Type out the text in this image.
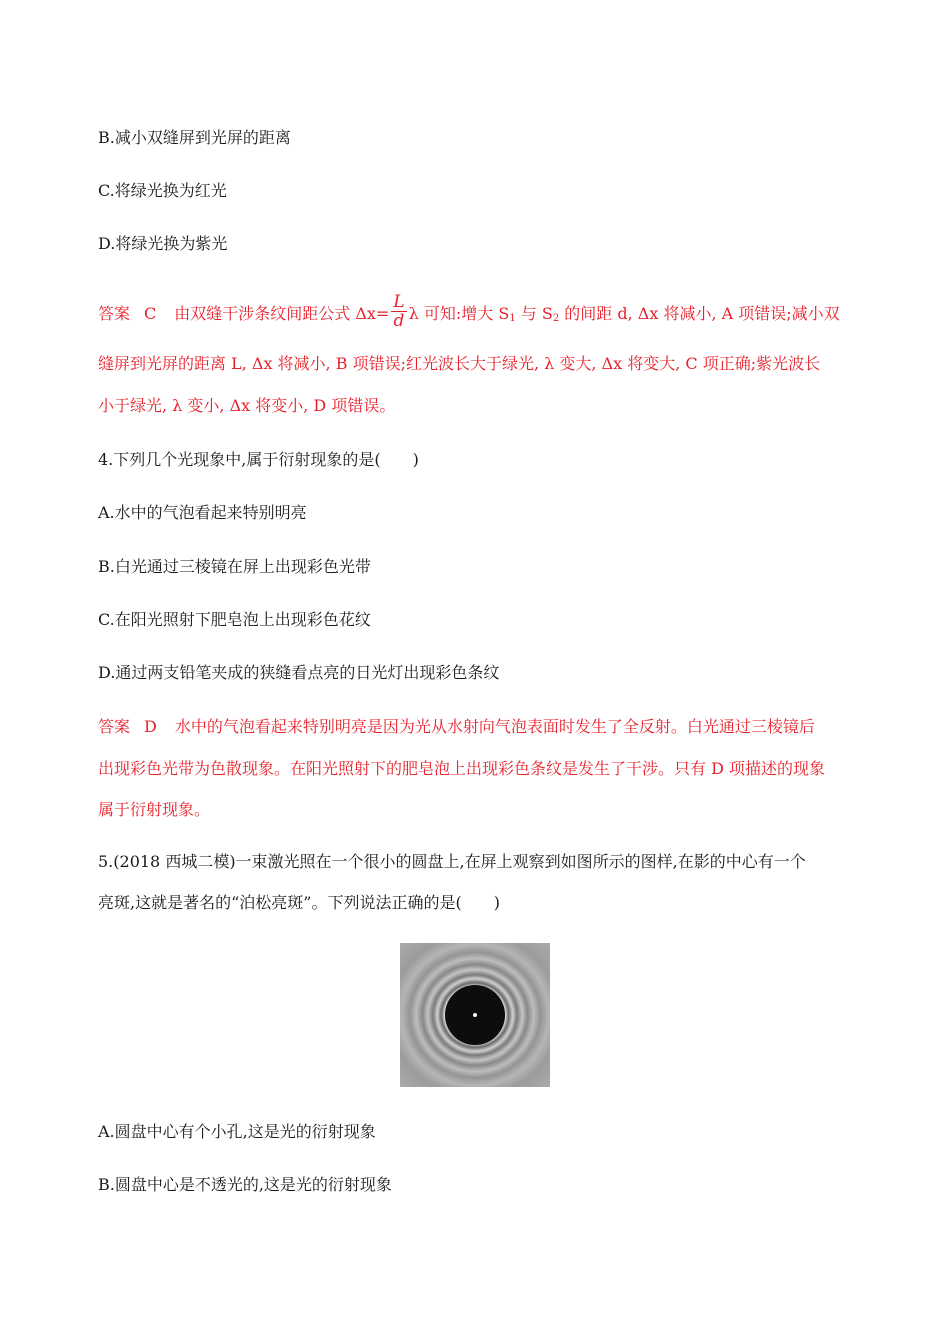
B.减小双缝屏到光屏的距离
C.将绿光换为红光
D.将绿光换为紫光
答案 C 由双缝干涉条纹间距公式 $\Delta x= \frac{L}{d}$ λ 可知:增大 $S_1$ 与 $S_2$ 的间距 d, Δx 将减小, A 项错误;减小双
缝屏到光屏的距离 L, Δx 将减小, B 项错误;红光波长大于绿光, λ 变大, Δx 将变大, C 项正确;紫光波长
小于绿光, λ 变小, Δx 将变小, D 项错误。
4.下列几个光现象中,属于衍射现象的是(　　)
A.水中的气泡看起来特别明亮
B.白光通过三棱镜在屏上出现彩色光带
C.在阳光照射下肥皂泡上出现彩色花纹
D.通过两支铅笔夹成的狭缝看点亮的日光灯出现彩色条纹
答案 D 水中的气泡看起来特别明亮是因为光从水射向气泡表面时发生了全反射。白光通过三棱镜后
出现彩色光带为色散现象。在阳光照射下的肥皂泡上出现彩色条纹是发生了干涉。只有 D 项描述的现象
属于衍射现象。
5.(2018 西城二模)一束激光照在一个很小的圆盘上,在屏上观察到如图所示的图样,在影的中心有一个
亮斑,这就是著名的“泊松亮斑”。下列说法正确的是(　　)
A.圆盘中心有个小孔,这是光的衍射现象
B.圆盘中心是不透光的,这是光的衍射现象
